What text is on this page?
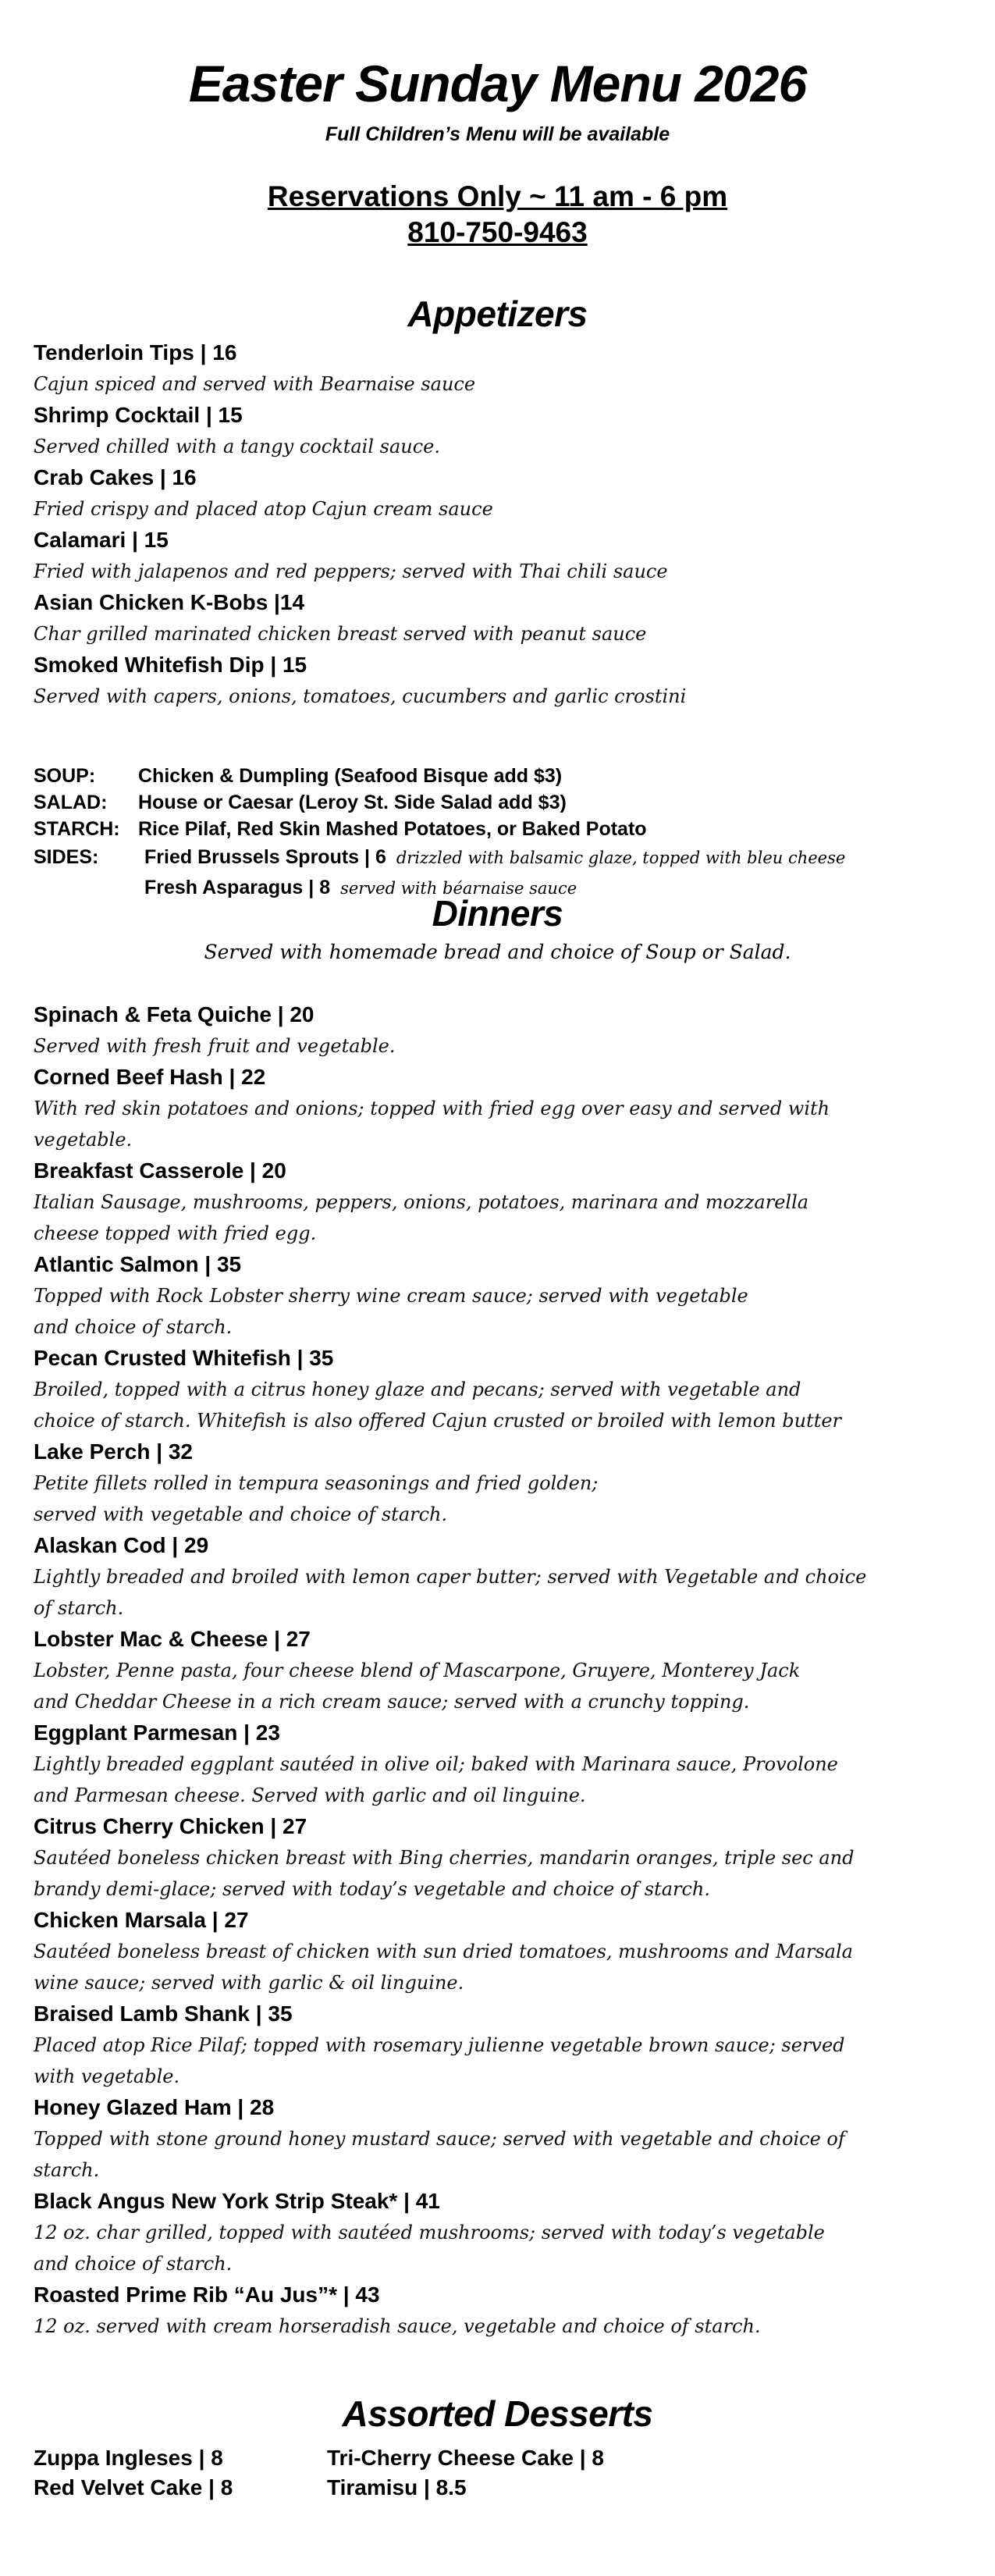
Easter Sunday Menu 2026
Full Children’s Menu will be available
Reservations Only ~ 11 am - 6 pm
810-750-9463
Appetizers
Tenderloin Tips | 16
Cajun spiced and served with Bearnaise sauce
Shrimp Cocktail | 15
Served chilled with a tangy cocktail sauce.
Crab Cakes | 16
Fried crispy and placed atop Cajun cream sauce
Calamari | 15
Fried with jalapenos and red peppers; served with Thai chili sauce
Asian Chicken K-Bobs |14
Char grilled marinated chicken breast served with peanut sauce
Smoked Whitefish Dip | 15
Served with capers, onions, tomatoes, cucumbers and garlic crostini
SOUP: Chicken & Dumpling (Seafood Bisque add $3)
SALAD: House or Caesar (Leroy St. Side Salad add $3)
STARCH: Rice Pilaf, Red Skin Mashed Potatoes, or Baked Potato
SIDES: Fried Brussels Sprouts | 6 drizzled with balsamic glaze, topped with bleu cheese
Fresh Asparagus | 8 served with béarnaise sauce
Dinners
Served with homemade bread and choice of Soup or Salad.
Spinach & Feta Quiche | 20
Served with fresh fruit and vegetable.
Corned Beef Hash | 22
With red skin potatoes and onions; topped with fried egg over easy and served with
vegetable.
Breakfast Casserole | 20
Italian Sausage, mushrooms, peppers, onions, potatoes, marinara and mozzarella
cheese topped with fried egg.
Atlantic Salmon | 35
Topped with Rock Lobster sherry wine cream sauce; served with vegetable
and choice of starch.
Pecan Crusted Whitefish | 35
Broiled, topped with a citrus honey glaze and pecans; served with vegetable and
choice of starch. Whitefish is also offered Cajun crusted or broiled with lemon butter
Lake Perch | 32
Petite fillets rolled in tempura seasonings and fried golden;
served with vegetable and choice of starch.
Alaskan Cod | 29
Lightly breaded and broiled with lemon caper butter; served with Vegetable and choice
of starch.
Lobster Mac & Cheese | 27
Lobster, Penne pasta, four cheese blend of Mascarpone, Gruyere, Monterey Jack
and Cheddar Cheese in a rich cream sauce; served with a crunchy topping.
Eggplant Parmesan | 23
Lightly breaded eggplant sautéed in olive oil; baked with Marinara sauce, Provolone
and Parmesan cheese. Served with garlic and oil linguine.
Citrus Cherry Chicken | 27
Sautéed boneless chicken breast with Bing cherries, mandarin oranges, triple sec and
brandy demi-glace; served with today’s vegetable and choice of starch.
Chicken Marsala | 27
Sautéed boneless breast of chicken with sun dried tomatoes, mushrooms and Marsala
wine sauce; served with garlic & oil linguine.
Braised Lamb Shank | 35
Placed atop Rice Pilaf; topped with rosemary julienne vegetable brown sauce; served
with vegetable.
Honey Glazed Ham | 28
Topped with stone ground honey mustard sauce; served with vegetable and choice of
starch.
Black Angus New York Strip Steak* | 41
12 oz. char grilled, topped with sautéed mushrooms; served with today’s vegetable
and choice of starch.
Roasted Prime Rib “Au Jus”* | 43
12 oz. served with cream horseradish sauce, vegetable and choice of starch.
Assorted Desserts
Zuppa Ingleses | 8	Tri-Cherry Cheese Cake | 8
Red Velvet Cake | 8	Tiramisu | 8.5
